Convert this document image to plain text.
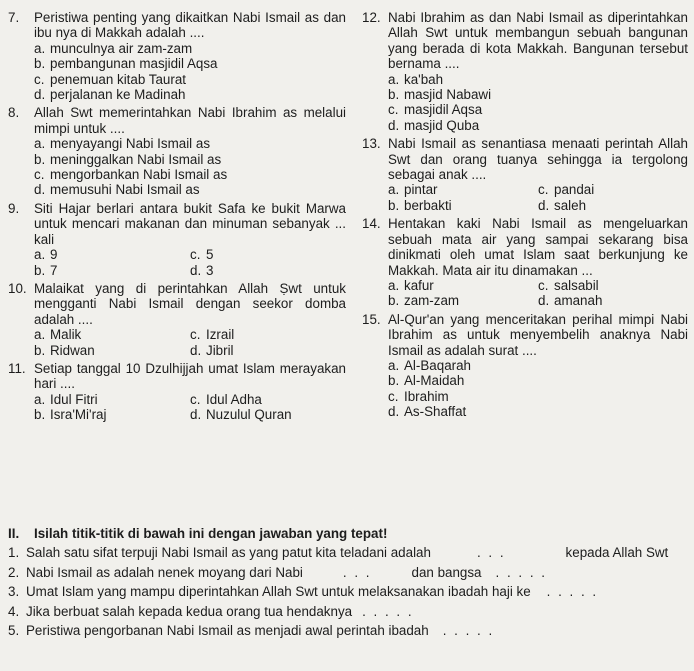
7.	Peristiwa penting yang dikaitkan Nabi Ismail as dan ibu nya di Makkah adalah ....
a. munculnya air zam-zam
b. pembangunan masjidil Aqsa
c. penemuan kitab Taurat
d. perjalanan ke Madinah
8.	Allah Swt memerintahkan Nabi Ibrahim as melalui mimpi untuk ....
a. menyayangi Nabi Ismail as
b. meninggalkan Nabi Ismail as
c. mengorbankan Nabi Ismail as
d. memusuhi Nabi Ismail as
9.	Siti Hajar berlari antara bukit Safa ke bukit Marwa untuk mencari makanan dan minuman sebanyak ... kali
a. 9	c. 5
b. 7	d. 3
10. Malaikat yang di perintahkan Allah Ṣwt untuk mengganti Nabi Ismail dengan seekor domba adalah ....
a. Malik	c. Izrail
b. Ridwan	d. Jibril
11. Setiap tanggal 10 Dzulhijjah umat Islam merayakan hari ....
a. Idul Fitri	c. Idul Adha
b. Isra'Mi'raj	d. Nuzulul Quran
12. Nabi Ibrahim as dan Nabi Ismail as diperintahkan Allah Swt untuk membangun sebuah bangunan yang berada di kota Makkah. Bangunan tersebut bernama ....
a. ka'bah
b. masjid Nabawi
c. masjidil Aqsa
d. masjid Quba
13. Nabi Ismail as senantiasa menaati perintah Allah Swt dan orang tuanya sehingga ia tergolong sebagai anak ....
a. pintar	c. pandai
b. berbakti	d. saleh
14. Hentakan kaki Nabi Ismail as mengeluarkan sebuah mata air yang sampai sekarang bisa dinikmati oleh umat Islam saat berkunjung ke Makkah. Mata air itu dinamakan ...
a. kafur	c. salsabil
b. zam-zam	d. amanah
15. Al-Qur'an yang menceritakan perihal mimpi Nabi Ibrahim as untuk menyembelih anaknya Nabi Ismail as adalah surat ....
a. Al-Baqarah
b. Al-Maidah
c. Ibrahim
d. As-Shaffat
II.	Isilah titik-titik di bawah ini dengan jawaban yang tepat!
1. Salah satu sifat terpuji Nabi Ismail as yang patut kita teladani adalah	. . .	kepada Allah Swt
2. Nabi Ismail as adalah nenek moyang dari Nabi	. . .	dan bangsa . . . . .
3. Umat Islam yang mampu diperintahkan Allah Swt untuk melaksanakan ibadah haji ke . . . . .
4. Jika berbuat salah kepada kedua orang tua hendaknya . . . . .
5. Peristiwa pengorbanan Nabi Ismail as menjadi awal perintah ibadah . . . . .
